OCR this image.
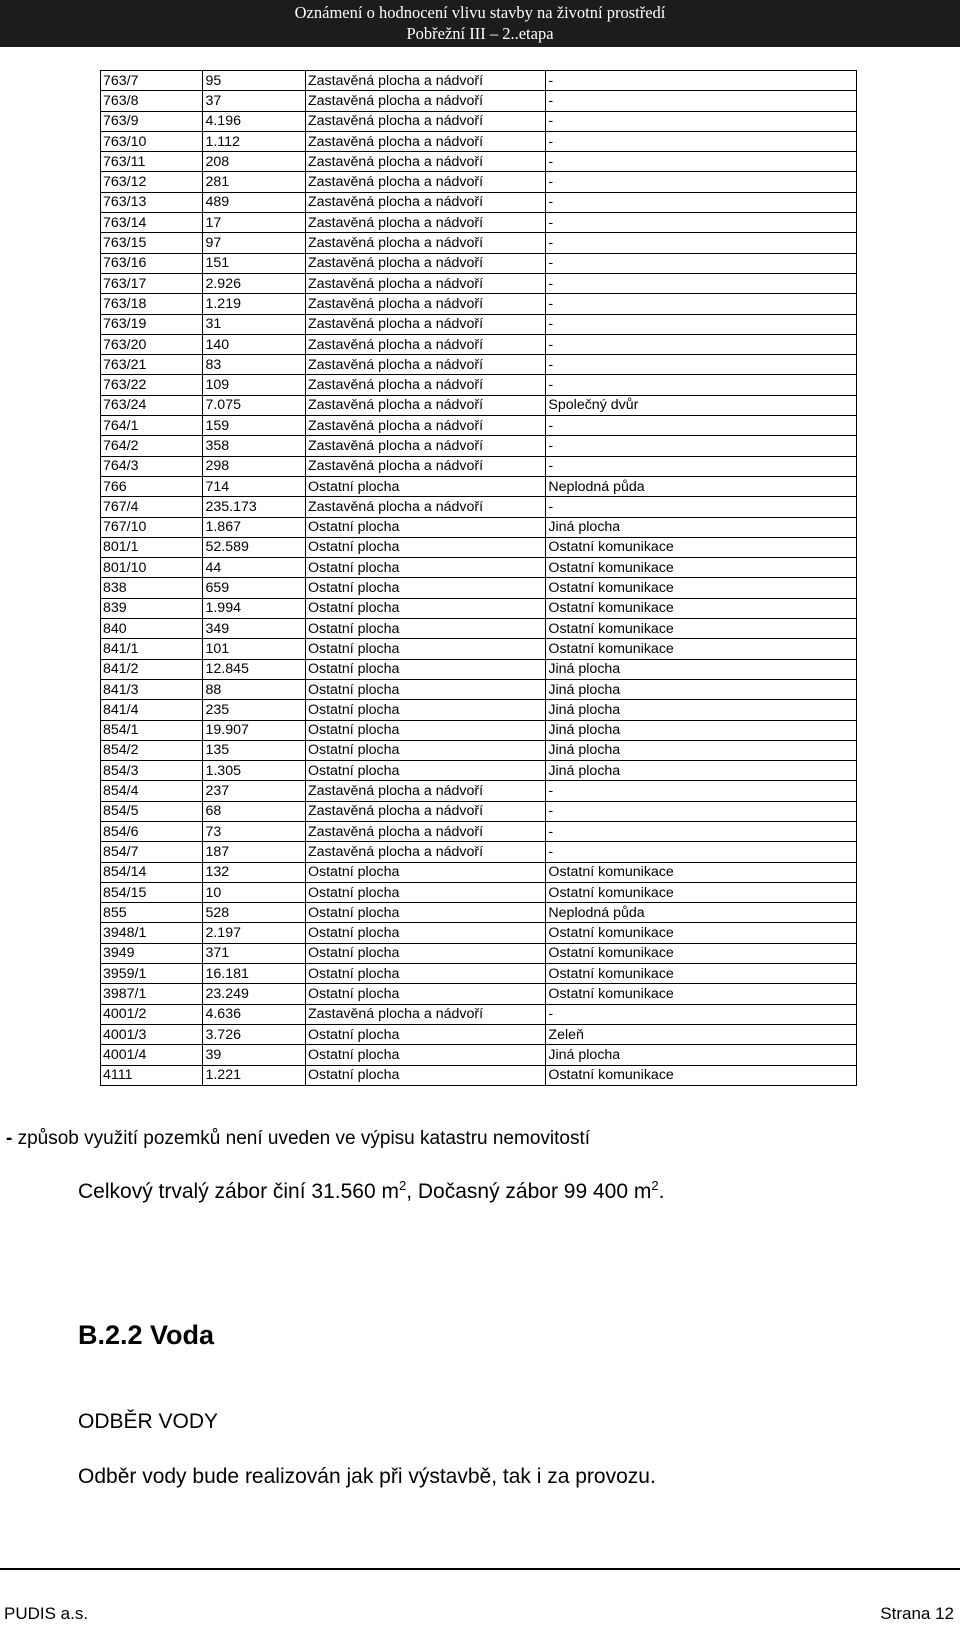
Oznámení o hodnocení vlivu stavby na životní prostředí
Pobřežní III – 2..etapa
763/7	95	Zastavěná plocha a nádvoří	-
763/8	37	Zastavěná plocha a nádvoří	-
763/9	4.196	Zastavěná plocha a nádvoří	-
763/10	1.112	Zastavěná plocha a nádvoří	-
763/11	208	Zastavěná plocha a nádvoří	-
763/12	281	Zastavěná plocha a nádvoří	-
763/13	489	Zastavěná plocha a nádvoří	-
763/14	17	Zastavěná plocha a nádvoří	-
763/15	97	Zastavěná plocha a nádvoří	-
763/16	151	Zastavěná plocha a nádvoří	-
763/17	2.926	Zastavěná plocha a nádvoří	-
763/18	1.219	Zastavěná plocha a nádvoří	-
763/19	31	Zastavěná plocha a nádvoří	-
763/20	140	Zastavěná plocha a nádvoří	-
763/21	83	Zastavěná plocha a nádvoří	-
763/22	109	Zastavěná plocha a nádvoří	-
763/24	7.075	Zastavěná plocha a nádvoří	Společný dvůr
764/1	159	Zastavěná plocha a nádvoří	-
764/2	358	Zastavěná plocha a nádvoří	-
764/3	298	Zastavěná plocha a nádvoří	-
766	714	Ostatní plocha	Neplodná půda
767/4	235.173	Zastavěná plocha a nádvoří	-
767/10	1.867	Ostatní plocha	Jiná plocha
801/1	52.589	Ostatní plocha	Ostatní komunikace
801/10	44	Ostatní plocha	Ostatní komunikace
838	659	Ostatní plocha	Ostatní komunikace
839	1.994	Ostatní plocha	Ostatní komunikace
840	349	Ostatní plocha	Ostatní komunikace
841/1	101	Ostatní plocha	Ostatní komunikace
841/2	12.845	Ostatní plocha	Jiná plocha
841/3	88	Ostatní plocha	Jiná plocha
841/4	235	Ostatní plocha	Jiná plocha
854/1	19.907	Ostatní plocha	Jiná plocha
854/2	135	Ostatní plocha	Jiná plocha
854/3	1.305	Ostatní plocha	Jiná plocha
854/4	237	Zastavěná plocha a nádvoří	-
854/5	68	Zastavěná plocha a nádvoří	-
854/6	73	Zastavěná plocha a nádvoří	-
854/7	187	Zastavěná plocha a nádvoří	-
854/14	132	Ostatní plocha	Ostatní komunikace
854/15	10	Ostatní plocha	Ostatní komunikace
855	528	Ostatní plocha	Neplodná půda
3948/1	2.197	Ostatní plocha	Ostatní komunikace
3949	371	Ostatní plocha	Ostatní komunikace
3959/1	16.181	Ostatní plocha	Ostatní komunikace
3987/1	23.249	Ostatní plocha	Ostatní komunikace
4001/2	4.636	Zastavěná plocha a nádvoří	-
4001/3	3.726	Ostatní plocha	Zeleň
4001/4	39	Ostatní plocha	Jiná plocha
4111	1.221	Ostatní plocha	Ostatní komunikace
- způsob využití pozemků není uveden ve výpisu katastru nemovitostí
Celkový trvalý zábor činí 31.560 $m^2$, Dočasný zábor 99 400 $m^2$.
B.2.2 Voda
ODBĚR VODY
Odběr vody bude realizován jak při výstavbě, tak i za provozu.
PUDIS a.s.	Strana 12
